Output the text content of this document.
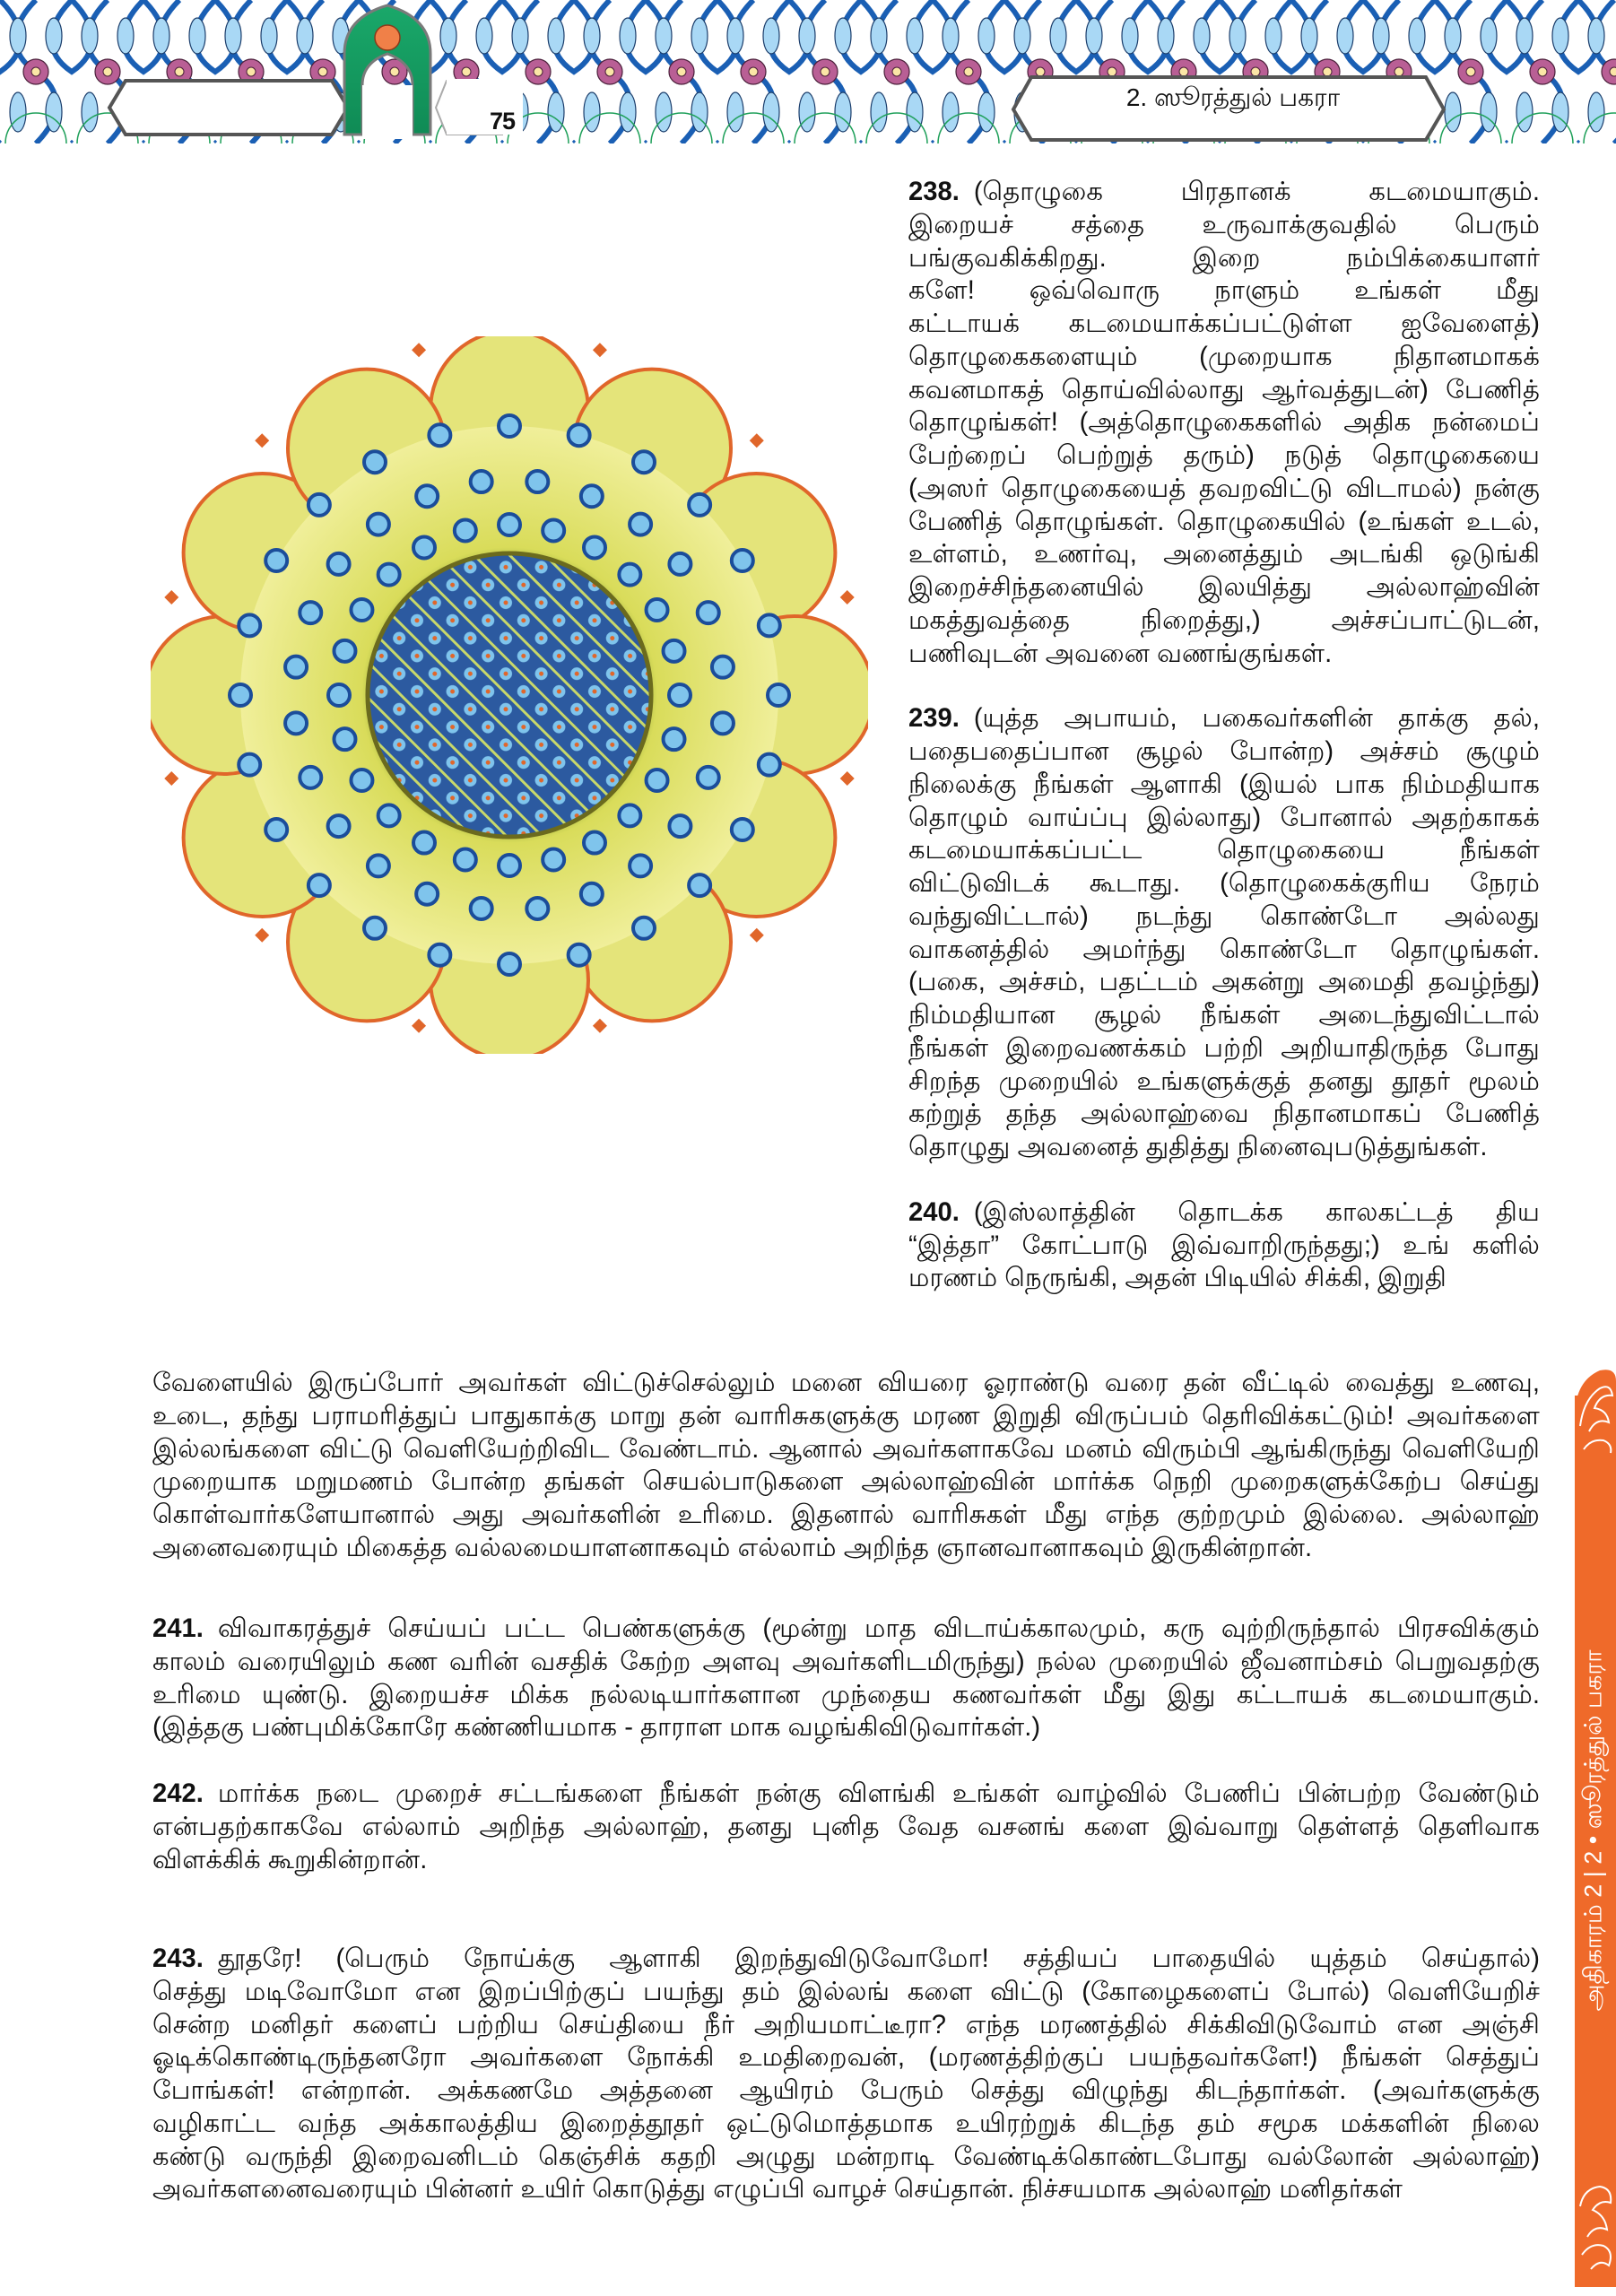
75
2. ஸூரத்துல் பகரா

238. (தொழுகை பிரதானக் கடமையாகும்.
இறையச் சத்தை உருவாக்குவதில் பெரும்
பங்குவகிக்கிறது. இறை நம்பிக்கையாளர்
களே! ஒவ்வொரு நாளும் உங்கள் மீது
கட்டாயக் கடமையாக்கப்பட்டுள்ள ஐவேளைத்)
தொழுகைகளையும் (முறையாக நிதானமாகக்
கவனமாகத் தொய்வில்லாது ஆர்வத்துடன்) பேணித்
தொழுங்கள்! (அத்தொழுகைகளில் அதிக நன்மைப்
பேற்றைப் பெற்றுத் தரும்) நடுத் தொழுகையை
(அஸர் தொழுகையைத் தவறவிட்டு விடாமல்) நன்கு
பேணித் தொழுங்கள். தொழுகையில் (உங்கள் உடல்,
உள்ளம், உணர்வு, அனைத்தும் அடங்கி ஒடுங்கி
இறைச்சிந்தனையில் இலயித்து அல்லாஹ்வின்
மகத்துவத்தை நிறைத்து,) அச்சப்பாட்டுடன்,
பணிவுடன் அவனை வணங்குங்கள்.

239. (யுத்த அபாயம், பகைவர்களின் தாக்கு தல்,
பதைபதைப்பான சூழல் போன்ற) அச்சம் சூழும்
நிலைக்கு நீங்கள் ஆளாகி (இயல் பாக நிம்மதியாக
தொழும் வாய்ப்பு இல்லாது) போனால் அதற்காகக்
கடமையாக்கப்பட்ட தொழுகையை நீங்கள்
விட்டுவிடக் கூடாது. (தொழுகைக்குரிய நேரம்
வந்துவிட்டால்) நடந்து கொண்டோ அல்லது
வாகனத்தில் அமர்ந்து கொண்டோ தொழுங்கள்.
(பகை, அச்சம், பதட்டம் அகன்று அமைதி தவழ்ந்து)
நிம்மதியான சூழல் நீங்கள் அடைந்துவிட்டால்
நீங்கள் இறைவணக்கம் பற்றி அறியாதிருந்த போது
சிறந்த முறையில் உங்களுக்குத் தனது தூதர் மூலம்
கற்றுத் தந்த அல்லாஹ்வை நிதானமாகப் பேணித்
தொழுது அவனைத் துதித்து நினைவுபடுத்துங்கள்.

240. (இஸ்லாத்தின் தொடக்க காலகட்டத் திய
“இத்தா” கோட்பாடு இவ்வாறிருந்தது;) உங் களில்
மரணம் நெருங்கி, அதன் பிடியில் சிக்கி, இறுதி

வேளையில் இருப்போர் அவர்கள் விட்டுச்செல்லும் மனை வியரை ஓராண்டு வரை தன் வீட்டில் வைத்து உணவு,
உடை, தந்து பராமரித்துப் பாதுகாக்கு மாறு தன் வாரிசுகளுக்கு மரண இறுதி விருப்பம் தெரிவிக்கட்டும்! அவர்களை
இல்லங்களை விட்டு வெளியேற்றிவிட வேண்டாம். ஆனால் அவர்களாகவே மனம் விரும்பி ஆங்கிருந்து வெளியேறி
முறையாக மறுமணம் போன்ற தங்கள் செயல்பாடுகளை அல்லாஹ்வின் மார்க்க நெறி முறைகளுக்கேற்ப செய்து
கொள்வார்களேயானால் அது அவர்களின் உரிமை. இதனால் வாரிசுகள் மீது எந்த குற்றமும் இல்லை. அல்லாஹ்
அனைவரையும் மிகைத்த வல்லமையாளனாகவும் எல்லாம் அறிந்த ஞானவானாகவும் இருகின்றான்.

241. விவாகரத்துச் செய்யப் பட்ட பெண்களுக்கு (மூன்று மாத விடாய்க்காலமும், கரு வுற்றிருந்தால் பிரசவிக்கும்
காலம் வரையிலும் கண வரின் வசதிக் கேற்ற அளவு அவர்களிடமிருந்து) நல்ல முறையில் ஜீவனாம்சம் பெறுவதற்கு
உரிமை யுண்டு. இறையச்ச மிக்க நல்லடியார்களான முந்தைய கணவர்கள் மீது இது கட்டாயக் கடமையாகும்.
(இத்தகு பண்புமிக்கோரே கண்ணியமாக - தாராள மாக வழங்கிவிடுவார்கள்.)

242. மார்க்க நடை முறைச் சட்டங்களை நீங்கள் நன்கு விளங்கி உங்கள் வாழ்வில் பேணிப் பின்பற்ற வேண்டும்
என்பதற்காகவே எல்லாம் அறிந்த அல்லாஹ், தனது புனித வேத வசனங் களை இவ்வாறு தெள்ளத் தெளிவாக
விளக்கிக் கூறுகின்றான்.

243. தூதரே! (பெரும் நோய்க்கு ஆளாகி இறந்துவிடுவோமோ! சத்தியப் பாதையில் யுத்தம் செய்தால்)
செத்து மடிவோமோ என இறப்பிற்குப் பயந்து தம் இல்லங் களை விட்டு (கோழைகளைப் போல்) வெளியேறிச்
சென்ற மனிதர் களைப் பற்றிய செய்தியை நீர் அறியமாட்டீரா? எந்த மரணத்தில் சிக்கிவிடுவோம் என அஞ்சி
ஓடிக்கொண்டிருந்தனரோ அவர்களை நோக்கி உமதிறைவன், (மரணத்திற்குப் பயந்தவர்களே!) நீங்கள் செத்துப்
போங்கள்! என்றான். அக்கணமே அத்தனை ஆயிரம் பேரும் செத்து விழுந்து கிடந்தார்கள். (அவர்களுக்கு
வழிகாட்ட வந்த அக்காலத்திய இறைத்தூதர் ஒட்டுமொத்தமாக உயிரற்றுக் கிடந்த தம் சமூக மக்களின் நிலை
கண்டு வருந்தி இறைவனிடம் கெஞ்சிக் கதறி அழுது மன்றாடி வேண்டிக்கொண்டபோது வல்லோன் அல்லாஹ்)
அவர்களனைவரையும் பின்னர் உயிர் கொடுத்து எழுப்பி வாழச் செய்தான். நிச்சயமாக அல்லாஹ் மனிதர்கள்

அதிகாரம் 2 | 2 • ஸூரத்துல் பகரா
